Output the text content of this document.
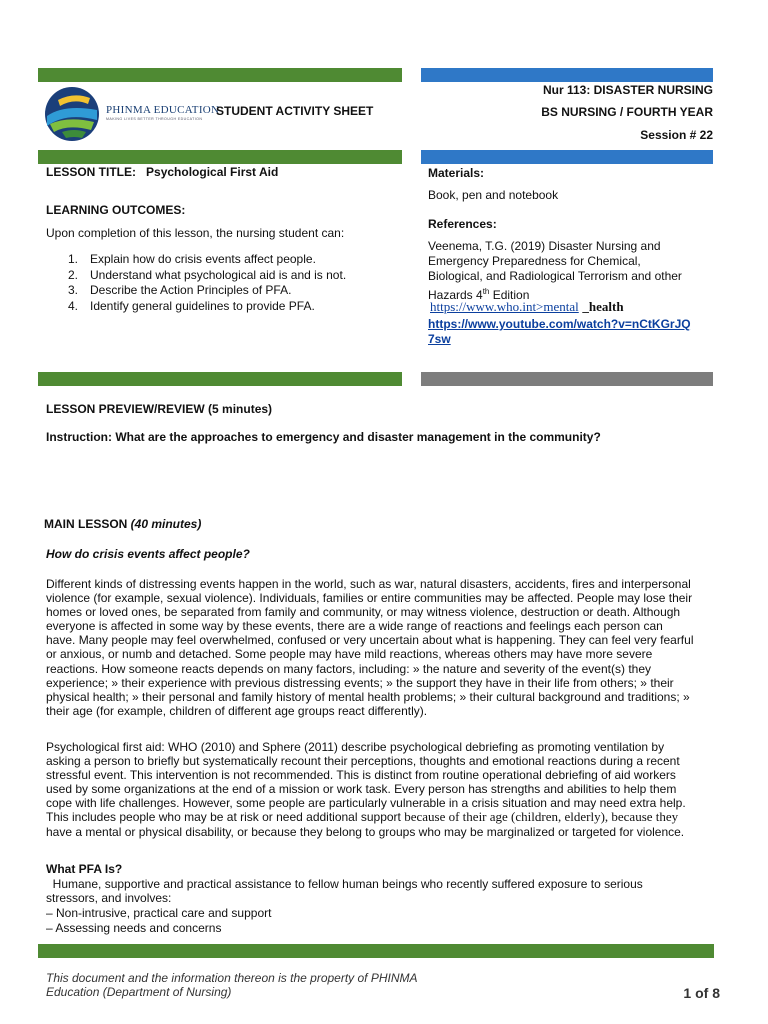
PHINMA EDUCATION
MAKING LIVES BETTER THROUGH EDUCATION
STUDENT ACTIVITY SHEET
Nur 113: DISASTER NURSING
BS NURSING / FOURTH YEAR
Session # 22
LESSON TITLE: Psychological First Aid
LEARNING OUTCOMES:
Upon completion of this lesson, the nursing student can:
1. Explain how do crisis events affect people.
2. Understand what psychological aid is and is not.
3. Describe the Action Principles of PFA.
4. Identify general guidelines to provide PFA.
Materials:
Book, pen and notebook
References:
Veenema, T.G. (2019) Disaster Nursing and
Emergency Preparedness for Chemical,
Biological, and Radiological Terrorism and other
Hazards 4th Edition
https://www.who.int>mental _health
https://www.youtube.com/watch?v=nCtKGrJQ
7sw
LESSON PREVIEW/REVIEW (5 minutes)
Instruction: What are the approaches to emergency and disaster management in the community?
MAIN LESSON (40 minutes)
How do crisis events affect people?
Different kinds of distressing events happen in the world, such as war, natural disasters, accidents, fires and interpersonal
violence (for example, sexual violence). Individuals, families or entire communities may be affected. People may lose their
homes or loved ones, be separated from family and community, or may witness violence, destruction or death. Although
everyone is affected in some way by these events, there are a wide range of reactions and feelings each person can
have. Many people may feel overwhelmed, confused or very uncertain about what is happening. They can feel very fearful
or anxious, or numb and detached. Some people may have mild reactions, whereas others may have more severe
reactions. How someone reacts depends on many factors, including: » the nature and severity of the event(s) they
experience; » their experience with previous distressing events; » the support they have in their life from others; » their
physical health; » their personal and family history of mental health problems; » their cultural background and traditions; »
their age (for example, children of different age groups react differently).
Psychological first aid: WHO (2010) and Sphere (2011) describe psychological debriefing as promoting ventilation by
asking a person to briefly but systematically recount their perceptions, thoughts and emotional reactions during a recent
stressful event. This intervention is not recommended. This is distinct from routine operational debriefing of aid workers
used by some organizations at the end of a mission or work task. Every person has strengths and abilities to help them
cope with life challenges. However, some people are particularly vulnerable in a crisis situation and may need extra help.
This includes people who may be at risk or need additional support because of their age (children, elderly), because they
have a mental or physical disability, or because they belong to groups who may be marginalized or targeted for violence.
What PFA Is?
Humane, supportive and practical assistance to fellow human beings who recently suffered exposure to serious
stressors, and involves:
– Non-intrusive, practical care and support
– Assessing needs and concerns
This document and the information thereon is the property of PHINMA
Education (Department of Nursing)	1 of 8
